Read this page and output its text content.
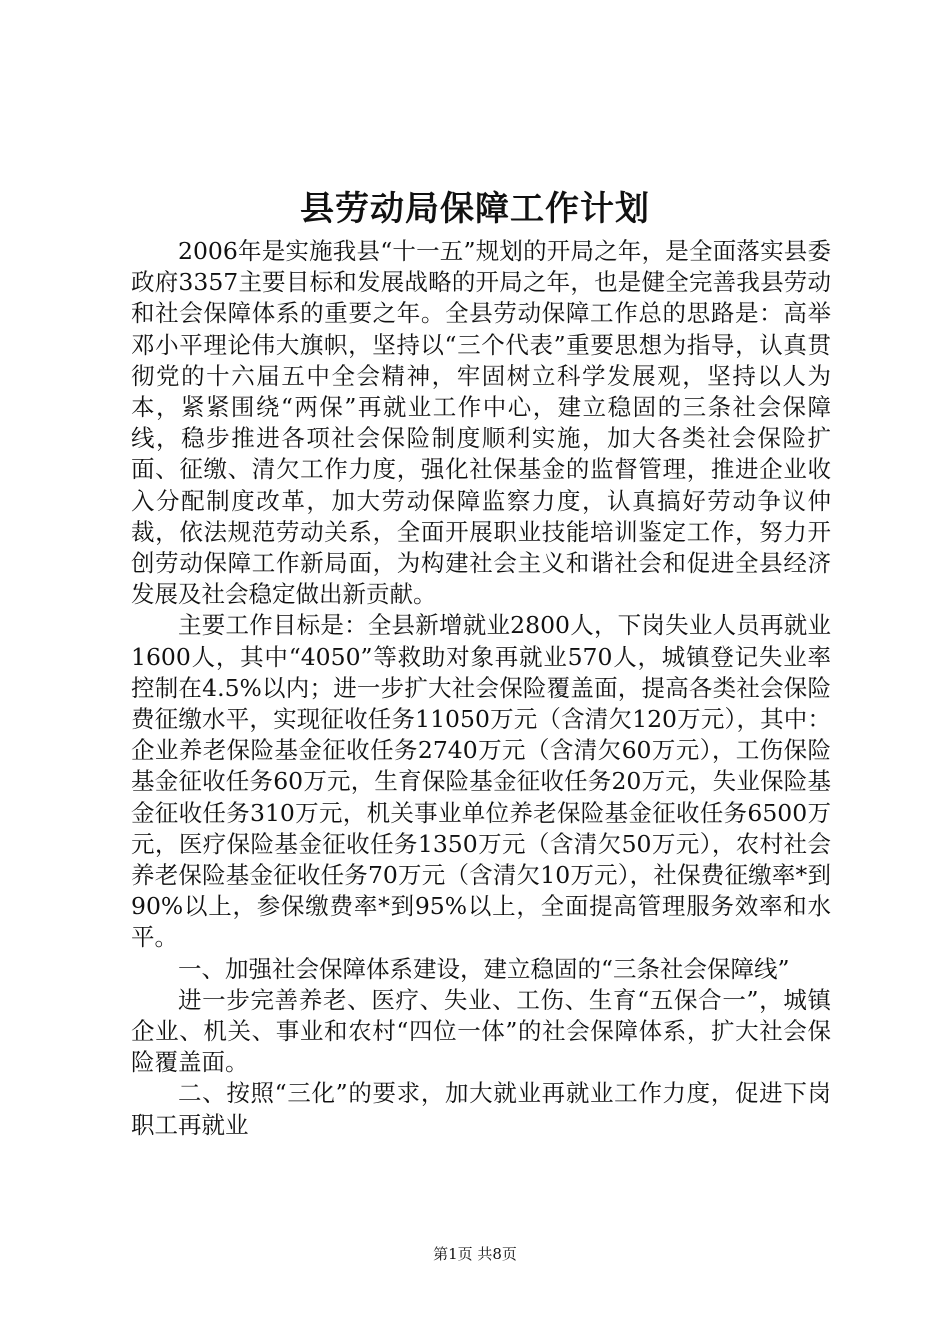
县劳动局保障工作计划

2006年是实施我县“十一五”规划的开局之年，是全面落实县委政府3357主要目标和发展战略的开局之年，也是健全完善我县劳动和社会保障体系的重要之年。全县劳动保障工作总的思路是：高举邓小平理论伟大旗帜，坚持以“三个代表”重要思想为指导，认真贯彻党的十六届五中全会精神，牢固树立科学发展观，坚持以人为本，紧紧围绕“两保”再就业工作中心，建立稳固的三条社会保障线，稳步推进各项社会保险制度顺利实施，加大各类社会保险扩面、征缴、清欠工作力度，强化社保基金的监督管理，推进企业收入分配制度改革，加大劳动保障监察力度，认真搞好劳动争议仲裁，依法规范劳动关系，全面开展职业技能培训鉴定工作，努力开创劳动保障工作新局面，为构建社会主义和谐社会和促进全县经济发展及社会稳定做出新贡献。

主要工作目标是：全县新增就业2800人，下岗失业人员再就业1600人，其中“4050”等救助对象再就业570人，城镇登记失业率控制在4.5%以内；进一步扩大社会保险覆盖面，提高各类社会保险费征缴水平，实现征收任务11050万元（含清欠120万元），其中：企业养老保险基金征收任务2740万元（含清欠60万元），工伤保险基金征收任务60万元，生育保险基金征收任务20万元，失业保险基金征收任务310万元，机关事业单位养老保险基金征收任务6500万元，医疗保险基金征收任务1350万元（含清欠50万元），农村社会养老保险基金征收任务70万元（含清欠10万元），社保费征缴率*到90%以上，参保缴费率*到95%以上，全面提高管理服务效率和水平。

一、加强社会保障体系建设，建立稳固的“三条社会保障线”

进一步完善养老、医疗、失业、工伤、生育“五保合一”，城镇企业、机关、事业和农村“四位一体”的社会保障体系，扩大社会保险覆盖面。

二、按照“三化”的要求，加大就业再就业工作力度，促进下岗职工再就业

第1页 共8页
